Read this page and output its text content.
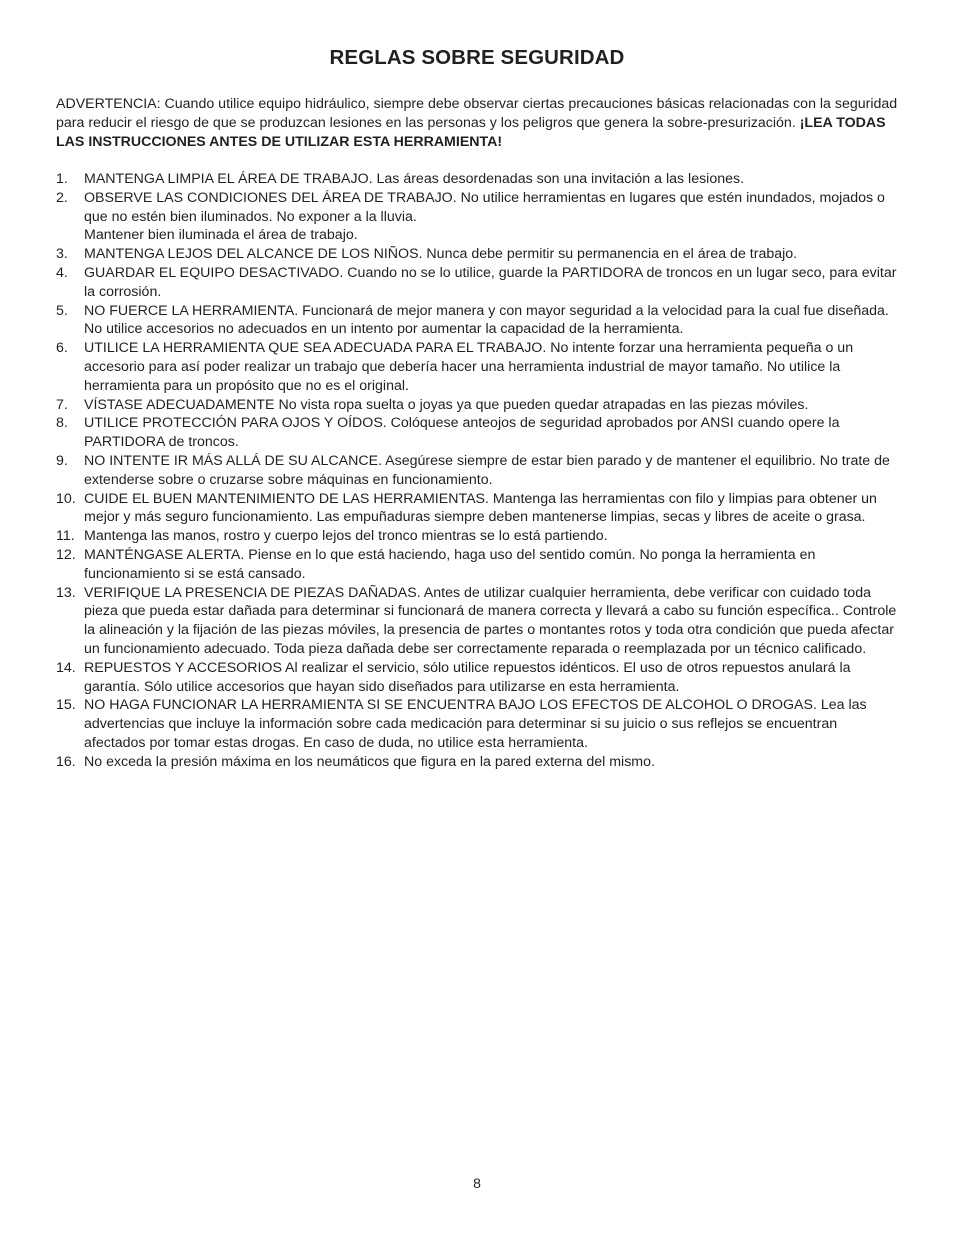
REGLAS SOBRE SEGURIDAD

ADVERTENCIA: Cuando utilice equipo hidráulico, siempre debe observar ciertas precauciones básicas relacionadas con la seguridad para reducir el riesgo de que se produzcan lesiones en las personas y los peligros que genera la sobre-presurización. ¡LEA TODAS LAS INSTRUCCIONES ANTES DE UTILIZAR ESTA HERRAMIENTA!

1. MANTENGA LIMPIA EL ÁREA DE TRABAJO. Las áreas desordenadas son una invitación a las lesiones.
2. OBSERVE LAS CONDICIONES DEL ÁREA DE TRABAJO. No utilice herramientas en lugares que estén inundados, mojados o que no estén bien iluminados. No exponer a la lluvia.
Mantener bien iluminada el área de trabajo.
3. MANTENGA LEJOS DEL ALCANCE DE LOS NIÑOS. Nunca debe permitir su permanencia en el área de trabajo.
4. GUARDAR EL EQUIPO DESACTIVADO. Cuando no se lo utilice, guarde la PARTIDORA de troncos en un lugar seco, para evitar la corrosión.
5. NO FUERCE LA HERRAMIENTA. Funcionará de mejor manera y con mayor seguridad a la velocidad para la cual fue diseñada. No utilice accesorios no adecuados en un intento por aumentar la capacidad de la herramienta.
6. UTILICE LA HERRAMIENTA QUE SEA ADECUADA PARA EL TRABAJO. No intente forzar una herramienta pequeña o un accesorio para así poder realizar un trabajo que debería hacer una herramienta industrial de mayor tamaño. No utilice la herramienta para un propósito que no es el original.
7. VÍSTASE ADECUADAMENTE No vista ropa suelta o joyas ya que pueden quedar atrapadas en las piezas móviles.
8. UTILICE PROTECCIÓN PARA OJOS Y OÍDOS. Colóquese anteojos de seguridad aprobados por ANSI cuando opere la PARTIDORA de troncos.
9. NO INTENTE IR MÁS ALLÁ DE SU ALCANCE. Asegúrese siempre de estar bien parado y de mantener el equilibrio. No trate de extenderse sobre o cruzarse sobre máquinas en funcionamiento.
10. CUIDE EL BUEN MANTENIMIENTO DE LAS HERRAMIENTAS. Mantenga las herramientas con filo y limpias para obtener un mejor y más seguro funcionamiento. Las empuñaduras siempre deben mantenerse limpias, secas y libres de aceite o grasa.
11. Mantenga las manos, rostro y cuerpo lejos del tronco mientras se lo está partiendo.
12. MANTÉNGASE ALERTA. Piense en lo que está haciendo, haga uso del sentido común. No ponga la herramienta en funcionamiento si se está cansado.
13. VERIFIQUE LA PRESENCIA DE PIEZAS DAÑADAS. Antes de utilizar cualquier herramienta, debe verificar con cuidado toda pieza que pueda estar dañada para determinar si funcionará de manera correcta y llevará a cabo su función específica.. Controle la alineación y la fijación de las piezas móviles, la presencia de partes o montantes rotos y toda otra condición que pueda afectar un funcionamiento adecuado. Toda pieza dañada debe ser correctamente reparada o reemplazada por un técnico calificado.
14. REPUESTOS Y ACCESORIOS Al realizar el servicio, sólo utilice repuestos idénticos. El uso de otros repuestos anulará la garantía. Sólo utilice accesorios que hayan sido diseñados para utilizarse en esta herramienta.
15. NO HAGA FUNCIONAR LA HERRAMIENTA SI SE ENCUENTRA BAJO LOS EFECTOS DE ALCOHOL O DROGAS. Lea las advertencias que incluye la información sobre cada medicación para determinar si su juicio o sus reflejos se encuentran afectados por tomar estas drogas. En caso de duda, no utilice esta herramienta.
16. No exceda la presión máxima en los neumáticos que figura en la pared externa del mismo.
8
